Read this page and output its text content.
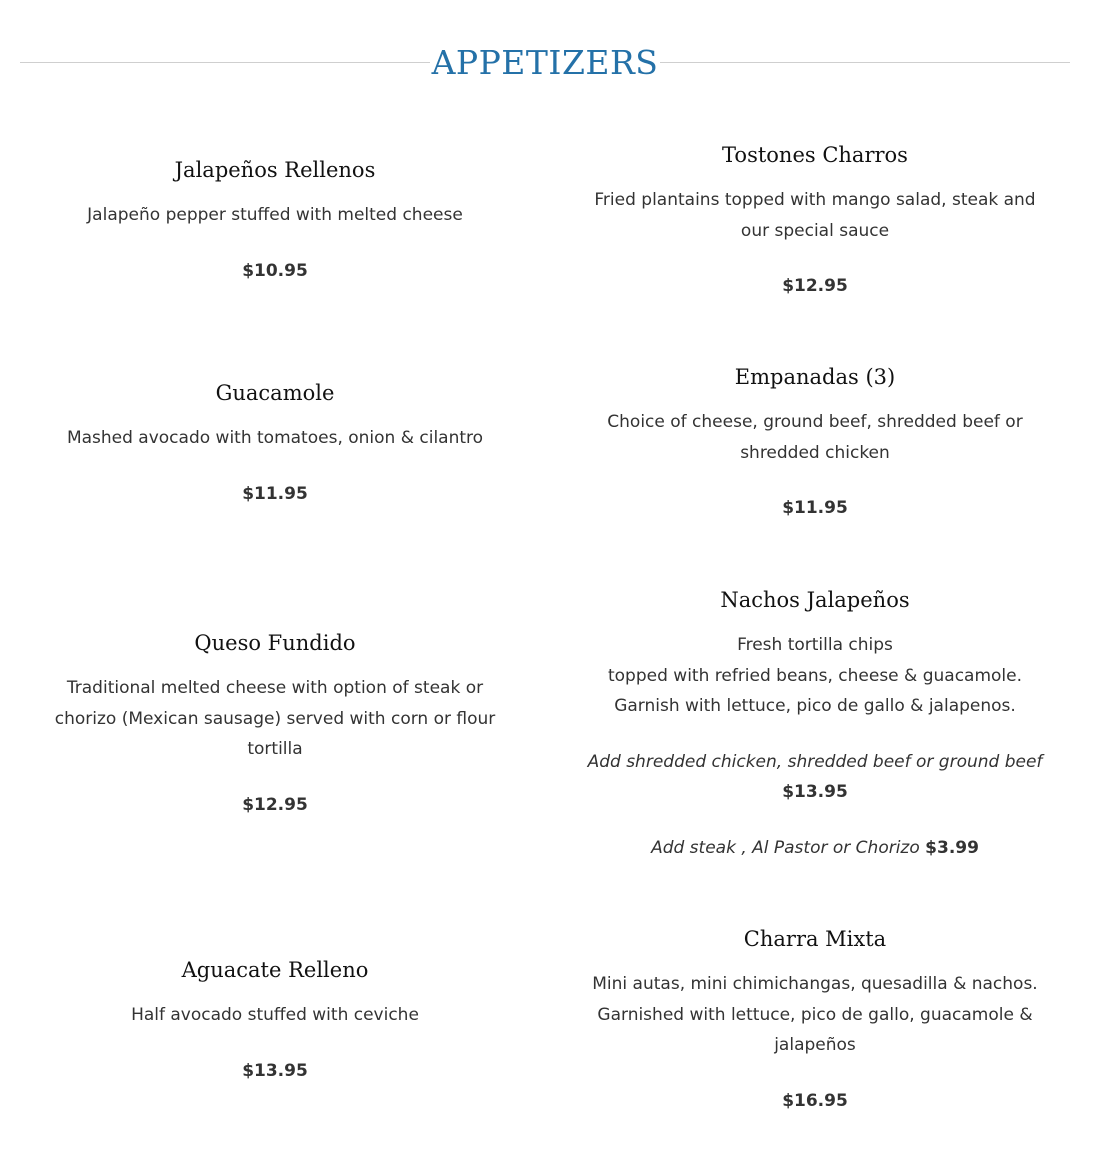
APPETIZERS
Jalapeños Rellenos
Jalapeño pepper stuffed with melted cheese
$10.95
Guacamole
Mashed avocado with tomatoes, onion & cilantro
$11.95
Queso Fundido
Traditional melted cheese with option of steak or
chorizo (Mexican sausage) served with corn or flour
tortilla
$12.95
Aguacate Relleno
Half avocado stuffed with ceviche
$13.95
Tostones Charros
Fried plantains topped with mango salad, steak and
our special sauce
$12.95
Empanadas (3)
Choice of cheese, ground beef, shredded beef or
shredded chicken
$11.95
Nachos Jalapeños
Fresh tortilla chips
topped with refried beans, cheese & guacamole.
Garnish with lettuce, pico de gallo & jalapenos.
Add shredded chicken, shredded beef or ground beef
$13.95
Add steak , Al Pastor or Chorizo $3.99
Charra Mixta
Mini autas, mini chimichangas, quesadilla & nachos.
Garnished with lettuce, pico de gallo, guacamole &
jalapeños
$16.95
